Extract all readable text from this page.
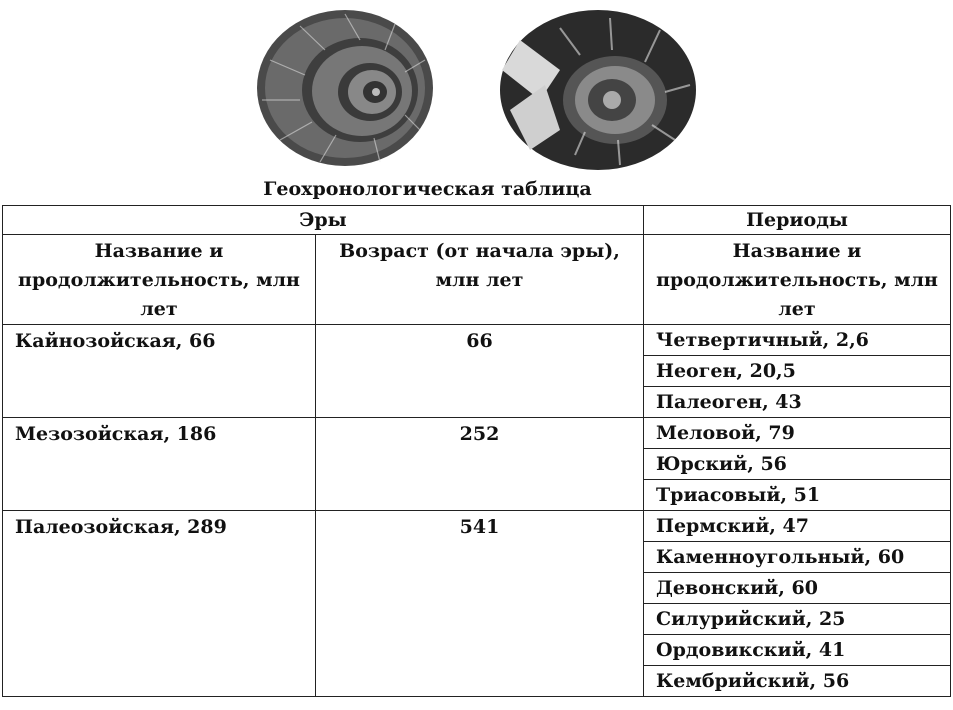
Геохронологическая таблица
Эры		Периоды
Название и продолжительность, млн лет	Возраст (от начала эры), млн лет	Название и продолжительность, млн лет
Кайнозойская, 66	66	Четвертичный, 2,6
		Неоген, 20,5
		Палеоген, 43
Мезозойская, 186	252	Меловой, 79
		Юрский, 56
		Триасовый, 51
Палеозойская, 289	541	Пермский, 47
		Каменноугольный, 60
		Девонский, 60
		Силурийский, 25
		Ордовикский, 41
		Кембрийский, 56
